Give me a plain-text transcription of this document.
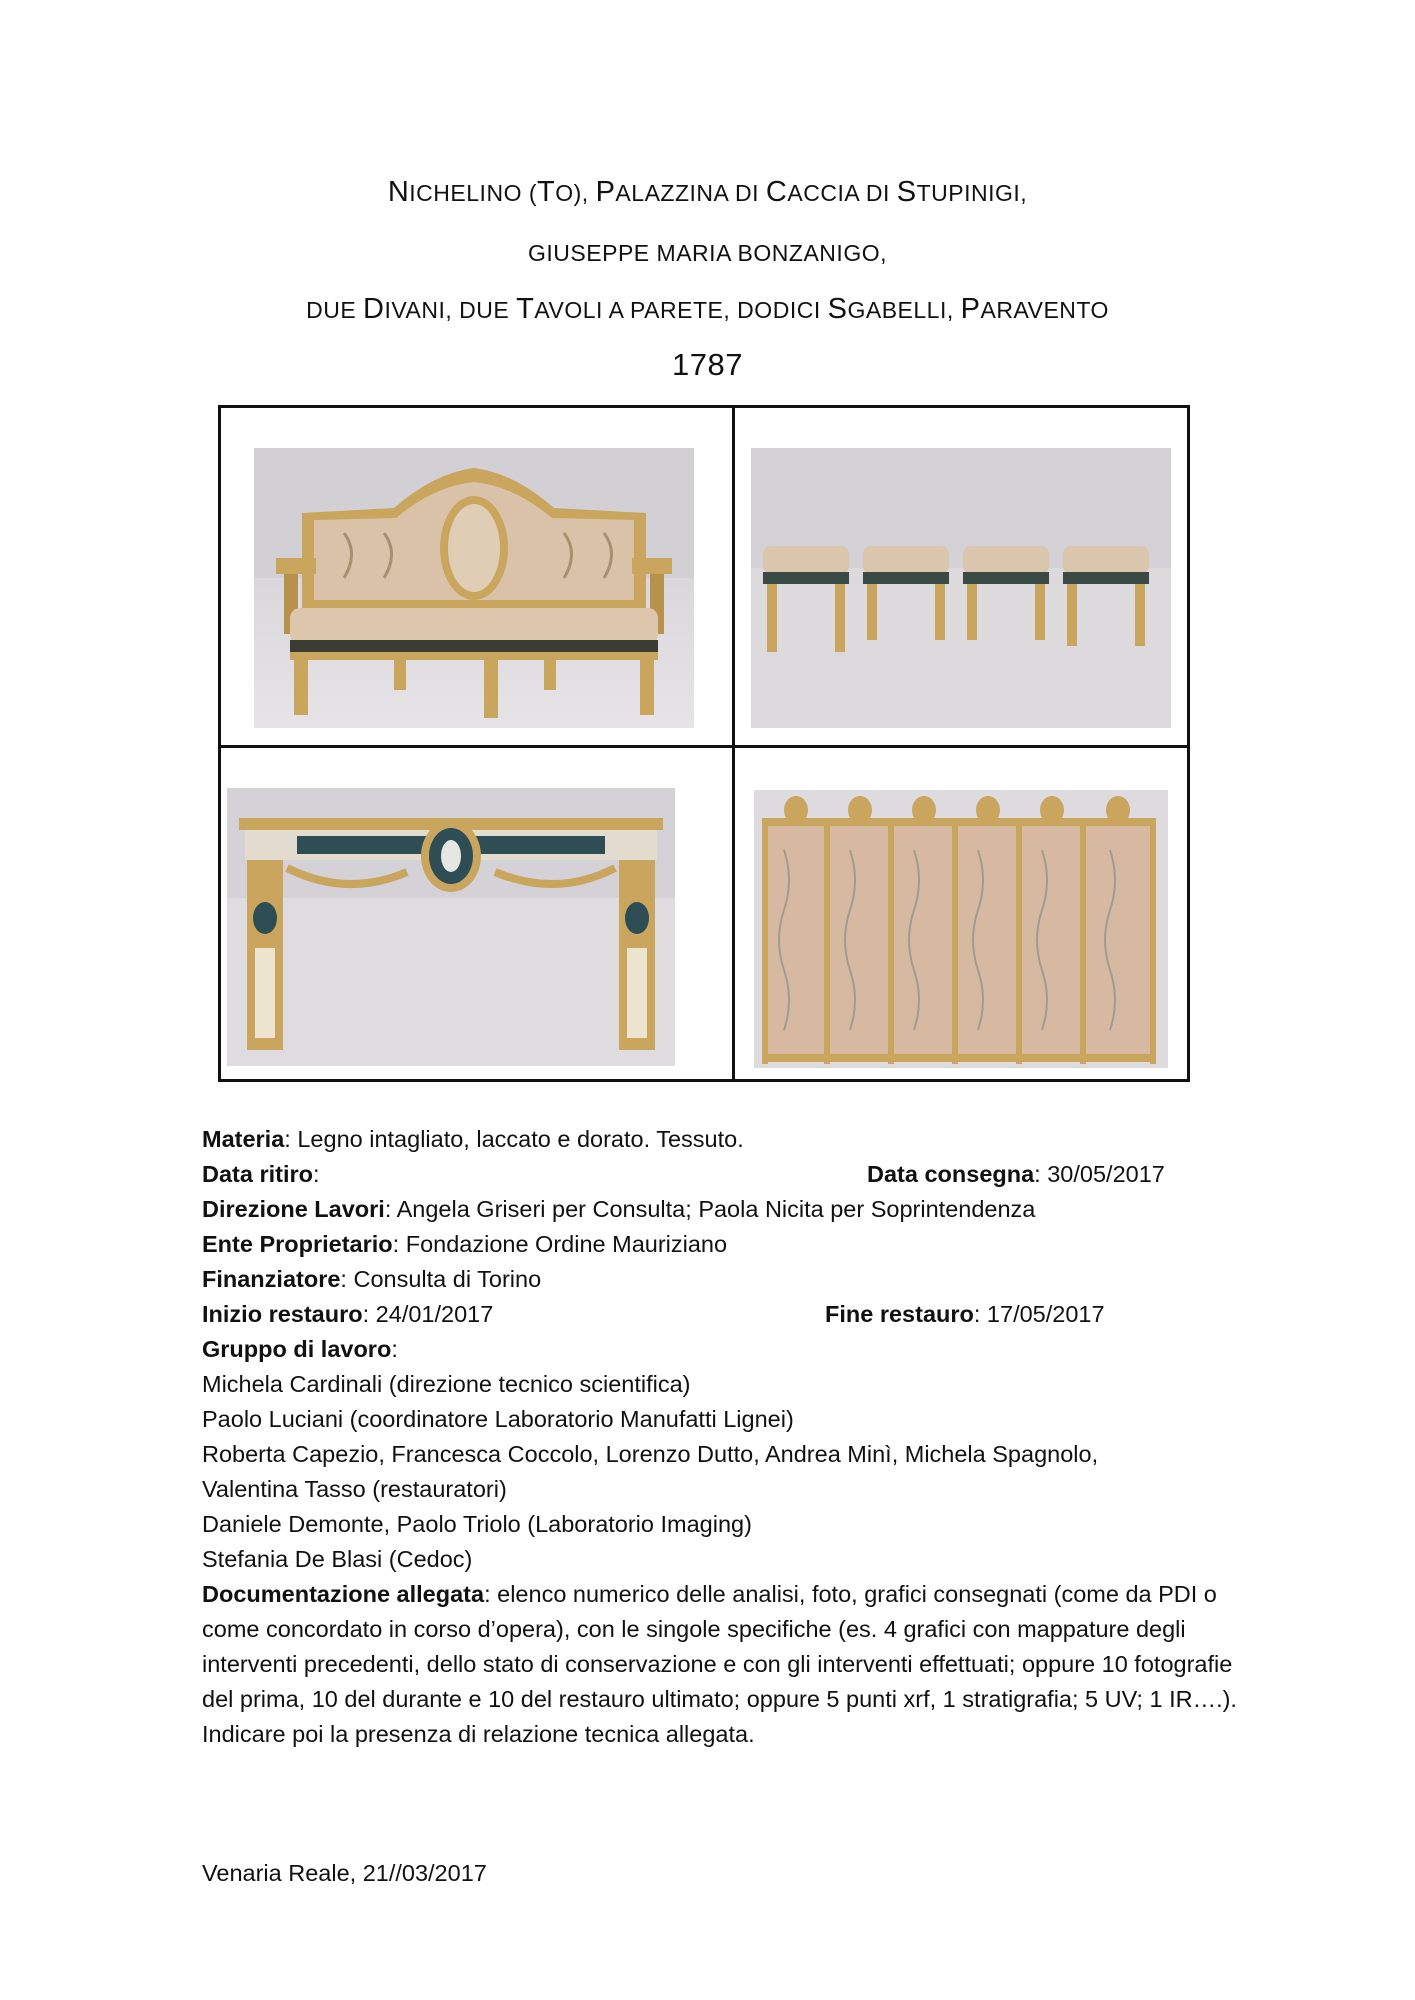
NICHELINO (TO), PALAZZINA DI CACCIA DI STUPINIGI,
GIUSEPPE MARIA BONZANIGO,
DUE DIVANI, DUE TAVOLI A PARETE, DODICI SGABELLI, PARAVENTO
1787
Materia: Legno intagliato, laccato e dorato. Tessuto.
Data ritiro:	Data consegna: 30/05/2017
Direzione Lavori: Angela Griseri per Consulta; Paola Nicita per Soprintendenza
Ente Proprietario: Fondazione Ordine Mauriziano
Finanziatore: Consulta di Torino
Inizio restauro: 24/01/2017	Fine restauro: 17/05/2017
Gruppo di lavoro:
Michela Cardinali (direzione tecnico scientifica)
Paolo Luciani (coordinatore Laboratorio Manufatti Lignei)
Roberta Capezio, Francesca Coccolo, Lorenzo Dutto, Andrea Minì, Michela Spagnolo,
Valentina Tasso (restauratori)
Daniele Demonte, Paolo Triolo (Laboratorio Imaging)
Stefania De Blasi (Cedoc)
Documentazione allegata: elenco numerico delle analisi, foto, grafici consegnati (come da PDI o come concordato in corso d’opera), con le singole specifiche (es. 4 grafici con mappature degli interventi precedenti, dello stato di conservazione e con gli interventi effettuati; oppure 10 fotografie del prima, 10 del durante e 10 del restauro ultimato; oppure 5 punti xrf, 1 stratigrafia; 5 UV; 1 IR….). Indicare poi la presenza di relazione tecnica allegata.
Venaria Reale, 21//03/2017
